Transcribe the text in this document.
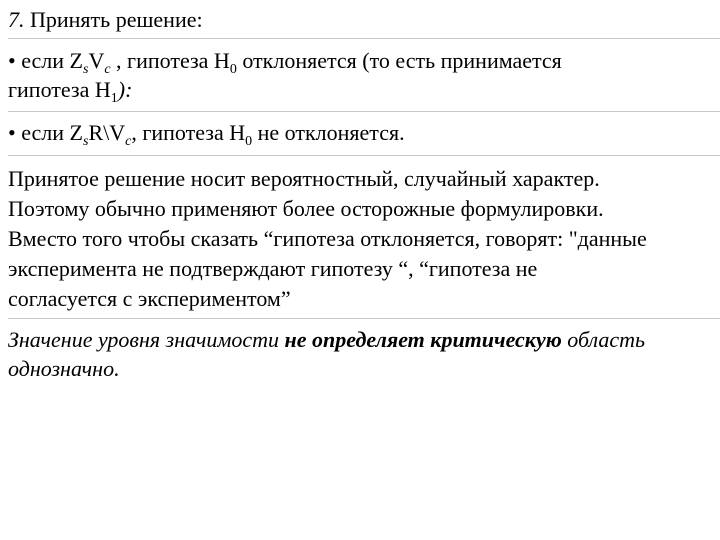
7. Принять решение:
• если $Z_sV_c$ , гипотеза $H_0$ отклоняется (то есть принимается
гипотеза $H_1$):
• если $Z_sR\backslash V_c$, гипотеза $H_0$ не отклоняется.
Принятое решение носит вероятностный, случайный характер.
Поэтому обычно применяют более осторожные формулировки.
Вместо того чтобы сказать “гипотеза отклоняется, говорят: "данные
эксперимента не подтверждают гипотезу “, “гипотеза не
согласуется с экспериментом”
Значение уровня значимости не определяет критическую область
однозначно.
